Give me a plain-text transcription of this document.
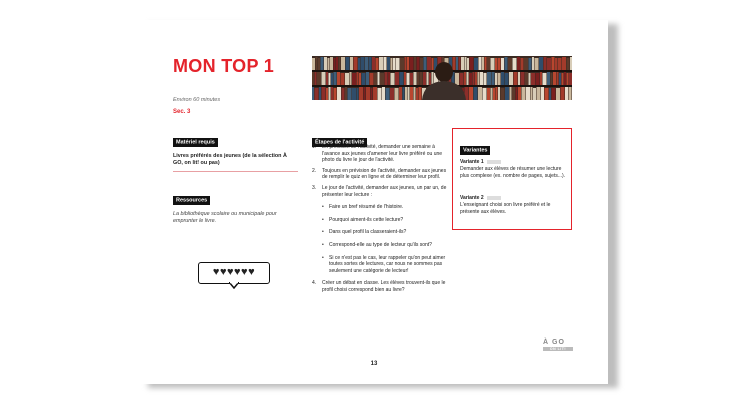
MON TOP 1
Environ 60 minutes
Sec. 3
Matériel requis
Livres préférés des jeunes (de la sélection À GO, on lit! ou pas)
Ressources
La bibliothèque scolaire ou municipale pour emprunter le livre.
♥♥♥♥♥♥
Étapes de l'activité
1. En prévision de l'activité, demander une semaine à l'avance aux jeunes d'amener leur livre préféré ou une photo du livre le jour de l'activité.
2. Toujours en prévision de l'activité, demander aux jeunes de remplir le quiz en ligne et de déterminer leur profil.
3. Le jour de l'activité, demander aux jeunes, un par un, de présenter leur lecture :
• Faire un bref résumé de l'histoire.
• Pourquoi aiment-ils cette lecture?
• Dans quel profil la classeraient-ils?
• Correspond-elle au type de lecteur qu'ils sont?
• Si ce n'est pas le cas, leur rappeler qu'on peut aimer toutes sortes de lectures, car nous ne sommes pas seulement une catégorie de lecteur!
4. Créer un débat en classe. Les élèves trouvent-ils que le profil choisi correspond bien au livre?
Variantes
Variante 1
Demander aux élèves de résumer une lecture plus complexe (ex. nombre de pages, sujets...).
Variante 2
L'enseignant choisi son livre préféré et le présente aux élèves.
À GO
ON LIT!
13
